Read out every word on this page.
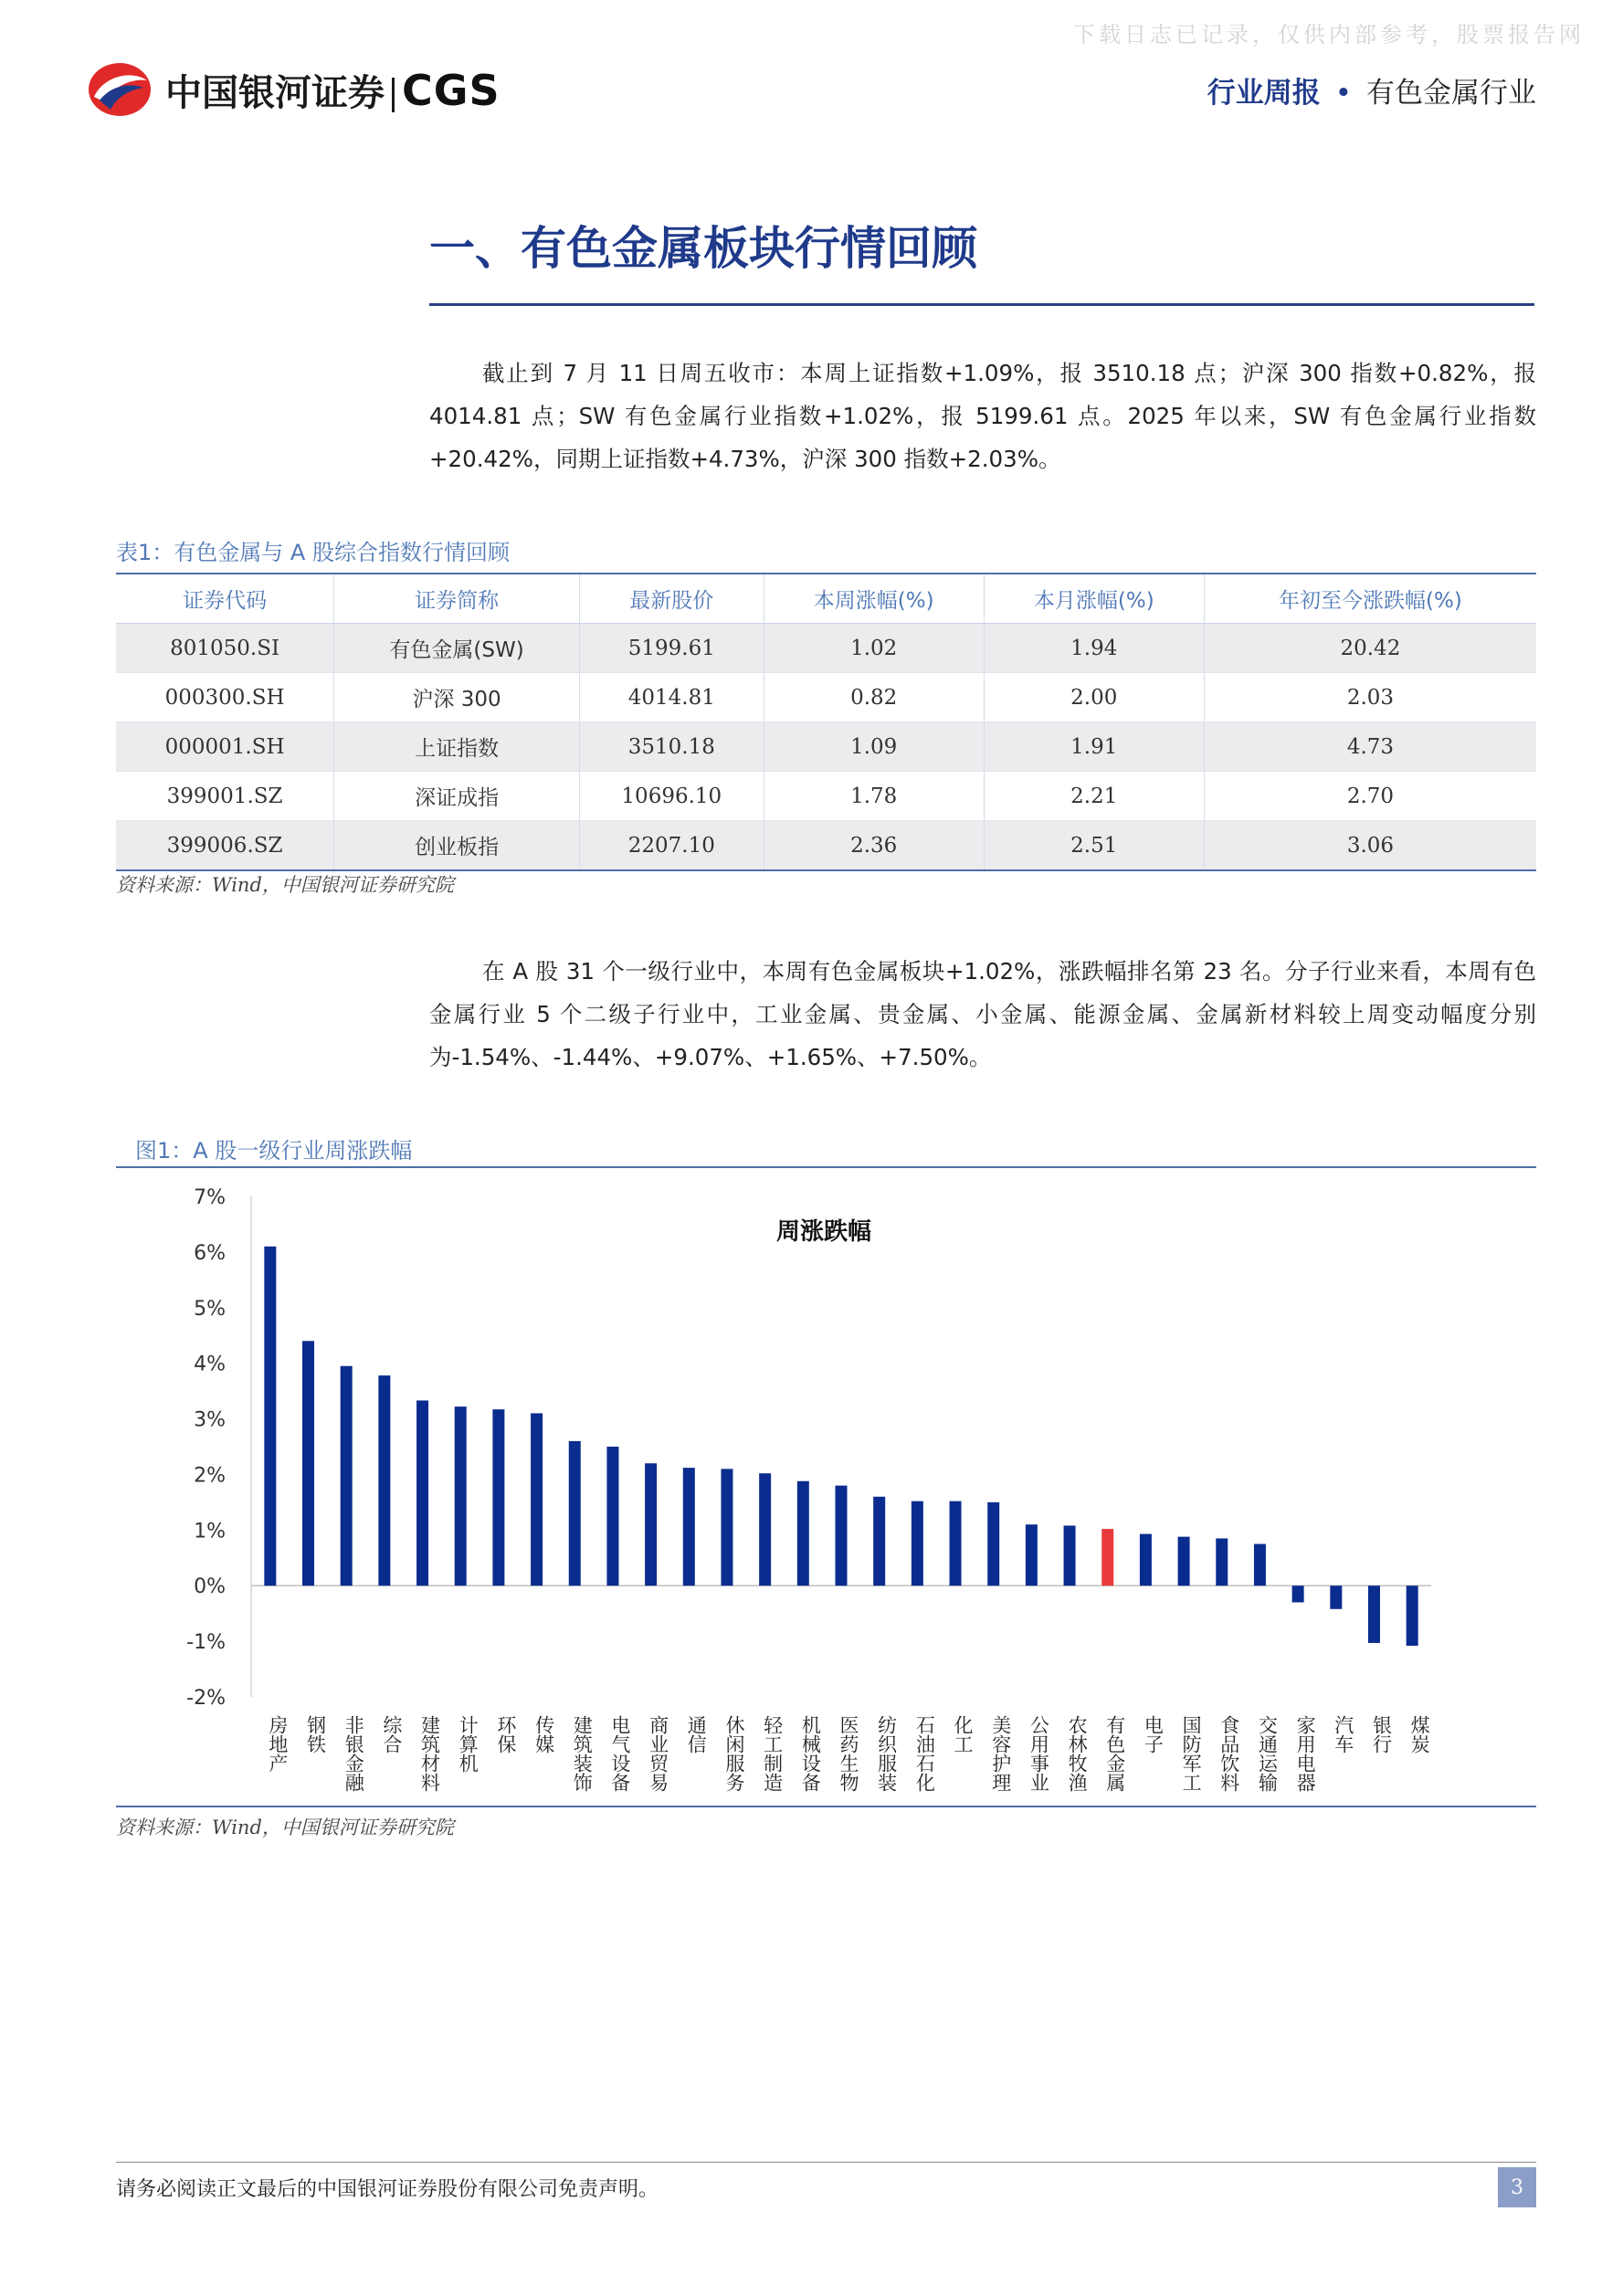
下载日志已记录，仅供内部参考，股票报告网
中国银河证券 CGS	行业周报 • 有色金属行业
一、有色金属板块行情回顾

截止到 7 月 11 日周五收市：本周上证指数+1.09%，报 3510.18 点；沪深 300 指数+0.82%，报 4014.81 点；SW 有色金属行业指数+1.02%，报 5199.61 点。2025 年以来，SW 有色金属行业指数+20.42%，同期上证指数+4.73%，沪深 300 指数+2.03%。

表1：有色金属与 A 股综合指数行情回顾
证券代码	证券简称	最新股价	本周涨幅(%)	本月涨幅(%)	年初至今涨跌幅(%)
801050.SI	有色金属(SW)	5199.61	1.02	1.94	20.42
000300.SH	沪深 300	4014.81	0.82	2.00	2.03
000001.SH	上证指数	3510.18	1.09	1.91	4.73
399001.SZ	深证成指	10696.10	1.78	2.21	2.70
399006.SZ	创业板指	2207.10	2.36	2.51	3.06
资料来源：Wind，中国银河证券研究院

在 A 股 31 个一级行业中，本周有色金属板块+1.02%，涨跌幅排名第 23 名。分子行业来看，本周有色金属行业 5 个二级子行业中，工业金属、贵金属、小金属、能源金属、金属新材料较上周变动幅度分别为-1.54%、-1.44%、+9.07%、+1.65%、+7.50%。

图1：A 股一级行业周涨跌幅
-2%
-1%
0%
1%
2%
3%
4%
5%
6%
7%
周涨跌幅
房地产 钢铁 非银金融 综合 建筑材料 计算机 环保 传媒 建筑装饰 电气设备 商业贸易 通信 休闲服务 轻工制造 机械设备 医药生物 纺织服装 石油石化 化工 美容护理 公用事业 农林牧渔 有色金属 电子 国防军工 食品饮料 交通运输 家用电器 汽车 银行 煤炭
资料来源：Wind，中国银河证券研究院
请务必阅读正文最后的中国银河证券股份有限公司免责声明。	3
